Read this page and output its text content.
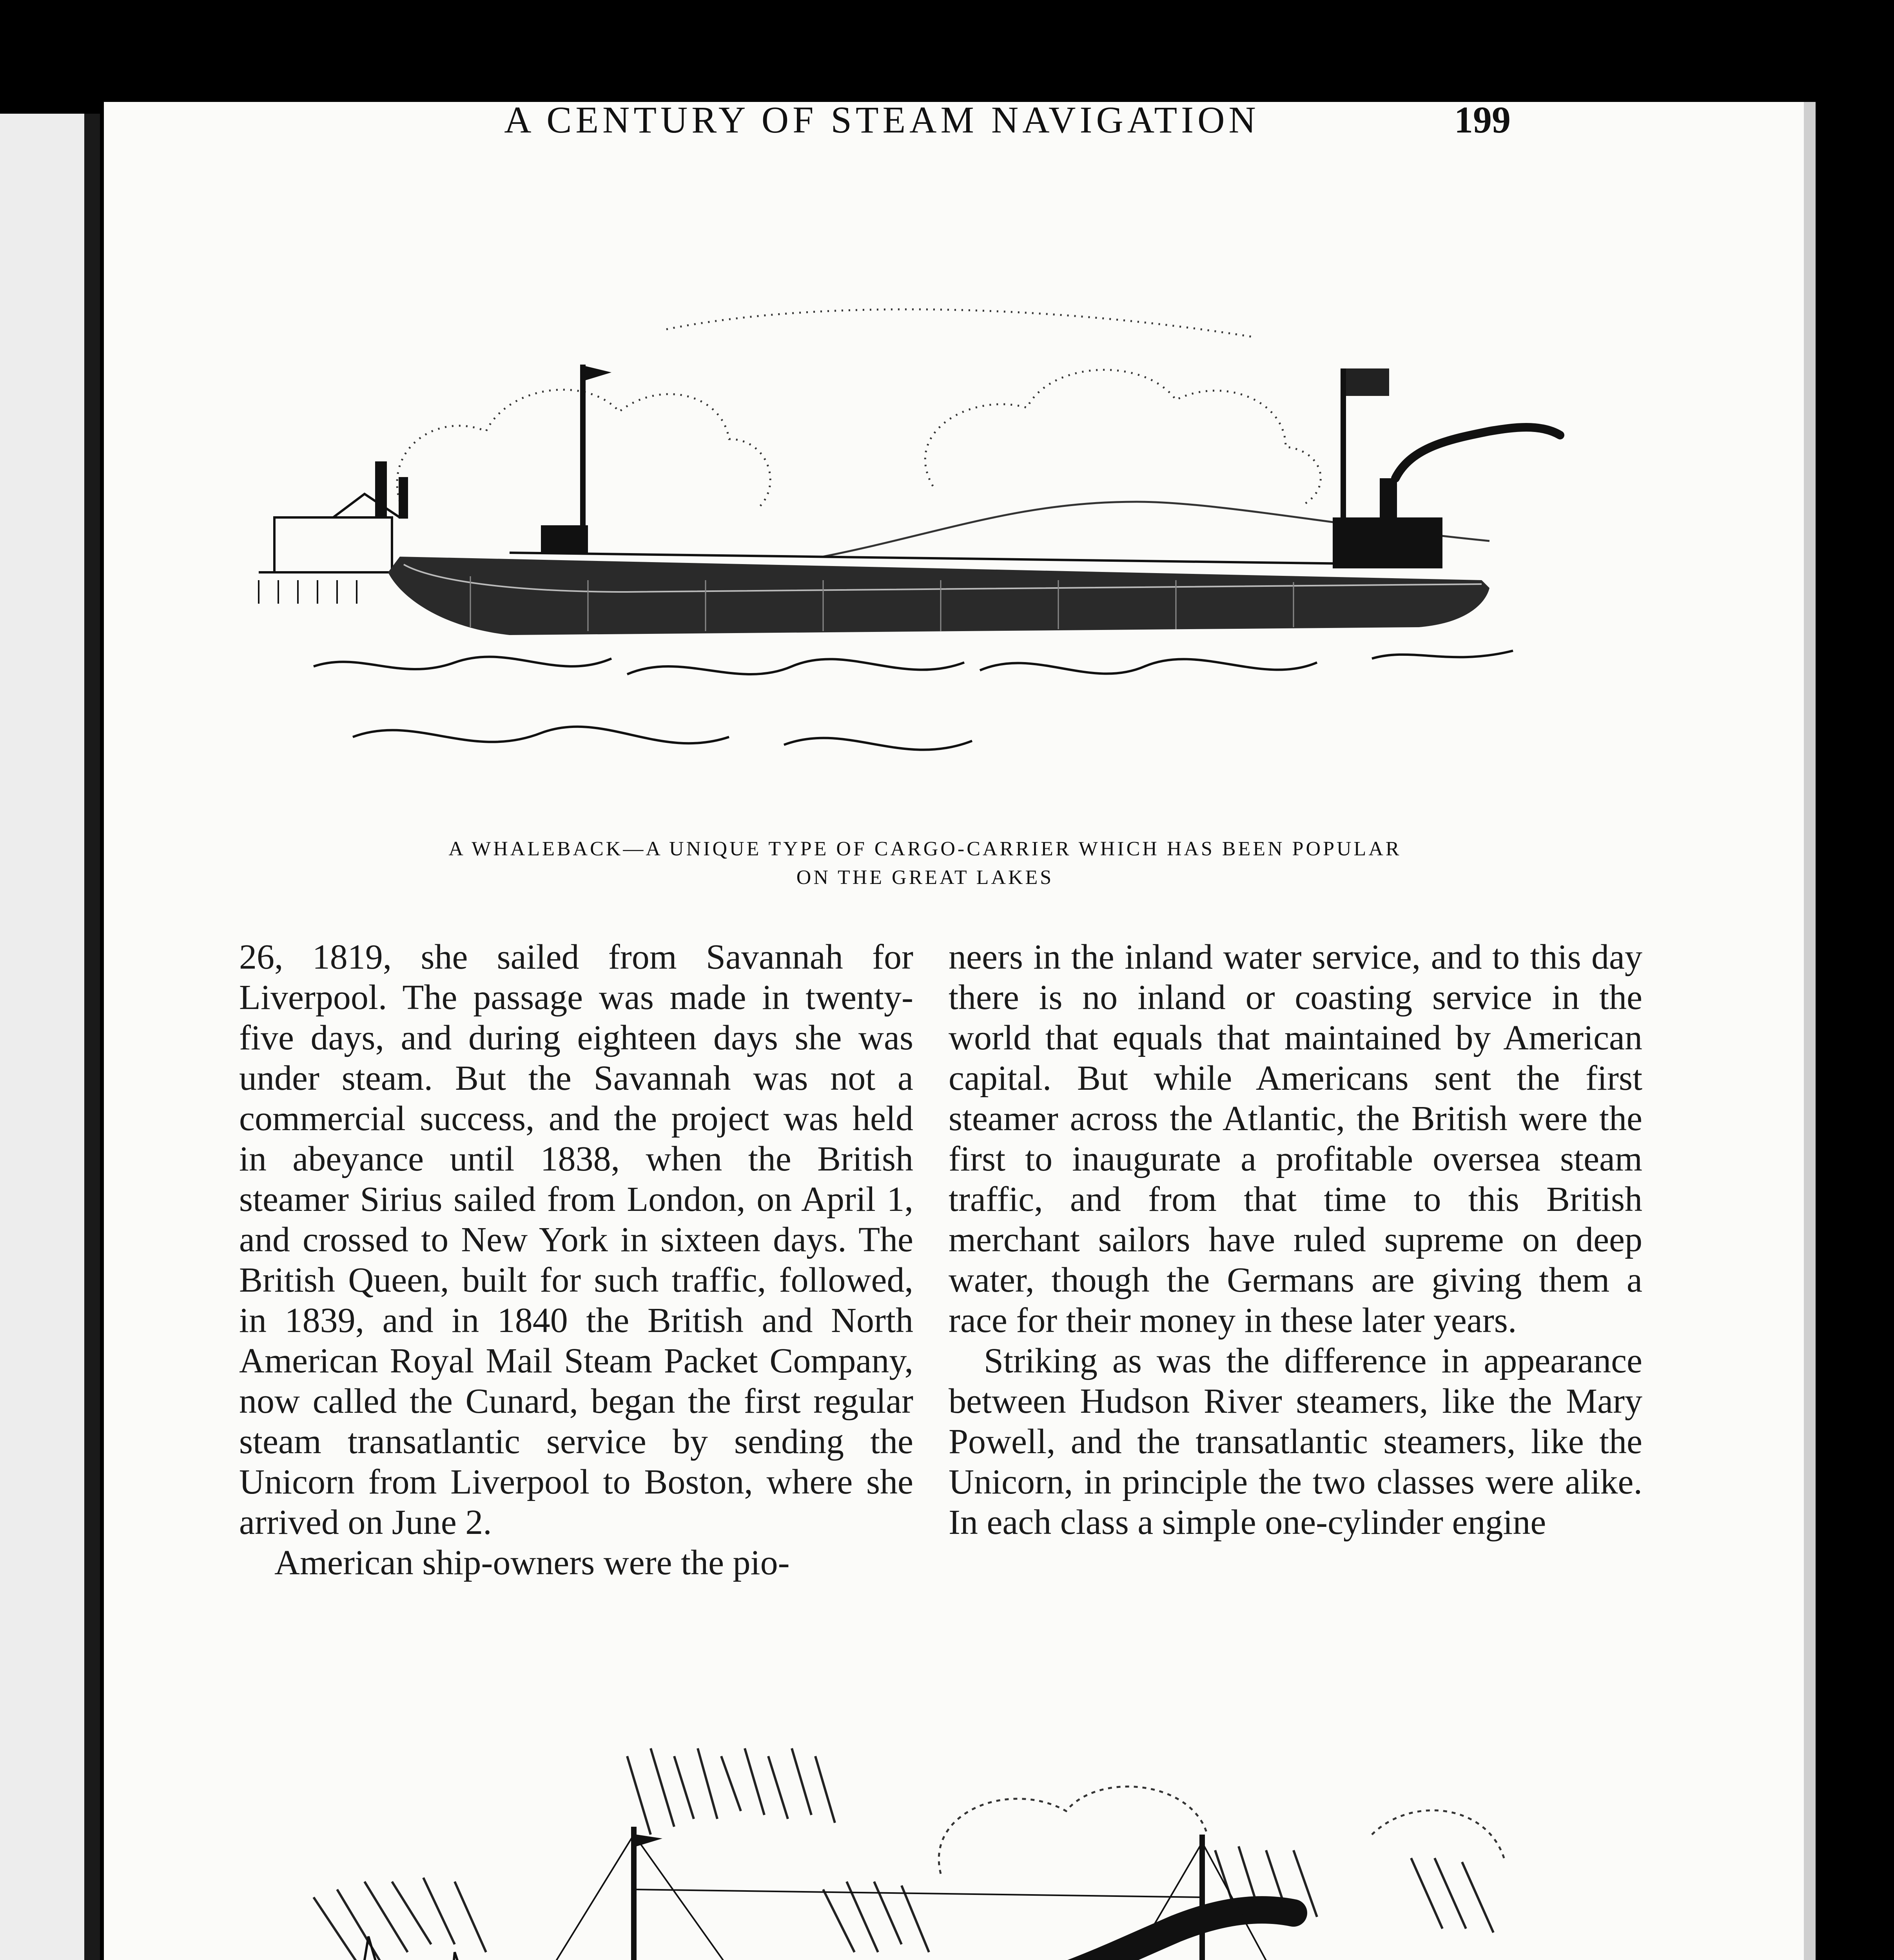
A CENTURY OF STEAM NAVIGATION	199
A WHALEBACK—A UNIQUE TYPE OF CARGO-CARRIER WHICH HAS BEEN POPULAR
ON THE GREAT LAKES

26, 1819, she sailed from Savannah for Liverpool. The passage was made in twenty-five days, and during eighteen days she was under steam. But the Savannah was not a commercial success, and the project was held in abeyance until 1838, when the British steamer Sirius sailed from London, on April 1, and crossed to New York in sixteen days. The British Queen, built for such traffic, followed, in 1839, and in 1840 the British and North American Royal Mail Steam Packet Company, now called the Cunard, began the first regular steam transatlantic service by sending the Unicorn from Liverpool to Boston, where she arrived on June 2.

American ship-owners were the pio-

neers in the inland water service, and to this day there is no inland or coasting service in the world that equals that maintained by American capital. But while Americans sent the first steamer across the Atlantic, the British were the first to inaugurate a profitable oversea steam traffic, and from that time to this British merchant sailors have ruled supreme on deep water, though the Germans are giving them a race for their money in these later years.

Striking as was the difference in appearance between Hudson River steamers, like the Mary Powell, and the transatlantic steamers, like the Unicorn, in principle the two classes were alike. In each class a simple one-cylinder engine
